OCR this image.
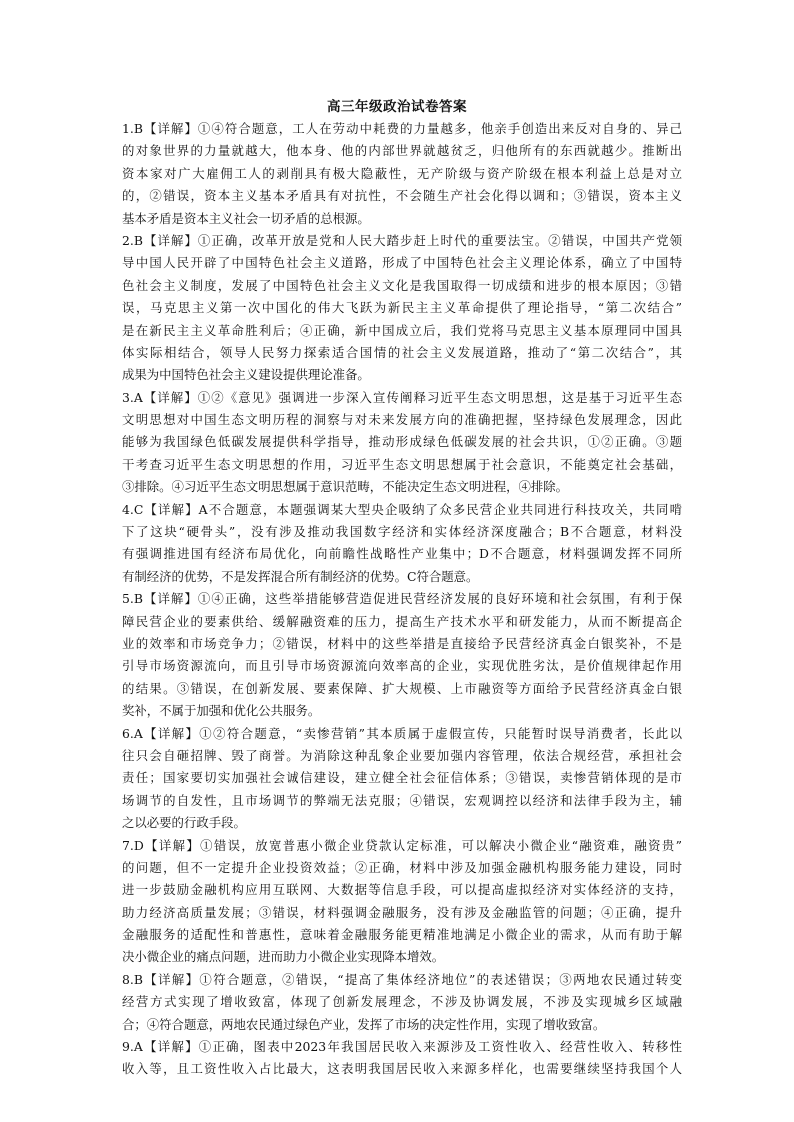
高三年级政治试卷答案
1.B【详解】①④符合题意，工人在劳动中耗费的力量越多，他亲手创造出来反对自身的、异己
的对象世界的力量就越大，他本身、他的内部世界就越贫乏，归他所有的东西就越少。推断出
资本家对广大雇佣工人的剥削具有极大隐蔽性，无产阶级与资产阶级在根本利益上总是对立
的，②错误，资本主义基本矛盾具有对抗性，不会随生产社会化得以调和；③错误，资本主义
基本矛盾是资本主义社会一切矛盾的总根源。
2.B【详解】①正确，改革开放是党和人民大踏步赶上时代的重要法宝。②错误，中国共产党领
导中国人民开辟了中国特色社会主义道路，形成了中国特色社会主义理论体系，确立了中国特
色社会主义制度，发展了中国特色社会主义文化是我国取得一切成绩和进步的根本原因；③错
误，马克思主义第一次中国化的伟大飞跃为新民主主义革命提供了理论指导，“第二次结合”
是在新民主主义革命胜利后；④正确，新中国成立后，我们党将马克思主义基本原理同中国具
体实际相结合，领导人民努力探索适合国情的社会主义发展道路，推动了“第二次结合”，其
成果为中国特色社会主义建设提供理论准备。
3.A【详解】①②《意见》强调进一步深入宣传阐释习近平生态文明思想，这是基于习近平生态
文明思想对中国生态文明历程的洞察与对未来发展方向的准确把握，坚持绿色发展理念，因此
能够为我国绿色低碳发展提供科学指导，推动形成绿色低碳发展的社会共识，①②正确。③题
干考查习近平生态文明思想的作用，习近平生态文明思想属于社会意识，不能奠定社会基础，
③排除。④习近平生态文明思想属于意识范畴，不能决定生态文明进程，④排除。
4.C【详解】A不合题意，本题强调某大型央企吸纳了众多民营企业共同进行科技攻关，共同啃
下了这块“硬骨头”，没有涉及推动我国数字经济和实体经济深度融合；B不合题意，材料没
有强调推进国有经济布局优化，向前瞻性战略性产业集中；D不合题意，材料强调发挥不同所
有制经济的优势，不是发挥混合所有制经济的优势。C符合题意。
5.B【详解】①④正确，这些举措能够营造促进民营经济发展的良好环境和社会氛围，有利于保
障民营企业的要素供给、缓解融资难的压力，提高生产技术水平和研发能力，从而不断提高企
业的效率和市场竞争力；②错误，材料中的这些举措是直接给予民营经济真金白银奖补，不是
引导市场资源流向，而且引导市场资源流向效率高的企业，实现优胜劣汰，是价值规律起作用
的结果。③错误，在创新发展、要素保障、扩大规模、上市融资等方面给予民营经济真金白银
奖补，不属于加强和优化公共服务。
6.A【详解】①②符合题意，“卖惨营销”其本质属于虚假宣传，只能暂时误导消费者，长此以
往只会自砸招牌、毁了商誉。为消除这种乱象企业要加强内容管理，依法合规经营，承担社会
责任；国家要切实加强社会诚信建设，建立健全社会征信体系；③错误，卖惨营销体现的是市
场调节的自发性，且市场调节的弊端无法克服；④错误，宏观调控以经济和法律手段为主，辅
之以必要的行政手段。
7.D【详解】①错误，放宽普惠小微企业贷款认定标准，可以解决小微企业“融资难，融资贵”
的问题，但不一定提升企业投资效益；②正确，材料中涉及加强金融机构服务能力建设，同时
进一步鼓励金融机构应用互联网、大数据等信息手段，可以提高虚拟经济对实体经济的支持，
助力经济高质量发展；③错误，材料强调金融服务，没有涉及金融监管的问题；④正确，提升
金融服务的适配性和普惠性，意味着金融服务能更精准地满足小微企业的需求，从而有助于解
决小微企业的痛点问题，进而助力小微企业实现降本增效。
8.B【详解】①符合题意，②错误，“提高了集体经济地位”的表述错误；③两地农民通过转变
经营方式实现了增收致富，体现了创新发展理念，不涉及协调发展，不涉及实现城乡区域融
合；④符合题意，两地农民通过绿色产业，发挥了市场的决定性作用，实现了增收致富。
9.A【详解】①正确，图表中2023年我国居民收入来源涉及工资性收入、经营性收入、转移性
收入等，且工资性收入占比最大，这表明我国居民收入来源多样化，也需要继续坚持我国个人
